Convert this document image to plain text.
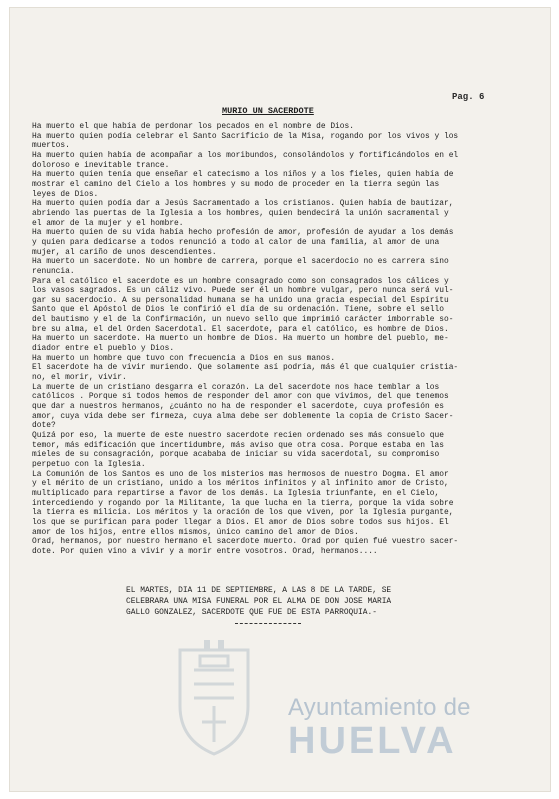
Pag. 6
MURIO UN SACERDOTE
Ha muerto el que había de perdonar los pecados en el nombre de Dios.
Ha muerto quien podía celebrar el Santo Sacrificio de la Misa, rogando por los vivos y los
muertos.
Ha muerto quien había de acompañar a los moribundos, consolándolos y fortificándolos en el
doloroso e inevitable trance.
Ha muerto quien tenía que enseñar el catecismo a los niños y a los fieles, quien había de
mostrar el camino del Cielo a los hombres y su modo de proceder en la tierra según las
leyes de Dios.
Ha muerto quien podía dar a Jesús Sacramentado a los cristianos. Quien había de bautizar,
abriendo las puertas de la Iglesia a los hombres, quien bendecirá la unión sacramental y
el amor de la mujer y el hombre.
Ha muerto quien de su vida había hecho profesión de amor, profesión de ayudar a los demás
y quien para dedicarse a todos renunció a todo al calor de una familia, al amor de una
mujer, al cariño de unos descendientes.
Ha muerto un sacerdote. No un hombre de carrera, porque el sacerdocio no es carrera sino
renuncia.
Para el católico el sacerdote es un hombre consagrado como son consagrados los cálices y
los vasos sagrados. Es un cáliz vivo. Puede ser él un hombre vulgar, pero nunca será vul-
gar su sacerdocio. A su personalidad humana se ha unido una gracia especial del Espíritu
Santo que el Apóstol de Dios le confirió el día de su ordenación. Tiene, sobre el sello
del bautismo y el de la Confirmación, un nuevo sello que imprimió carácter imborrable so-
bre su alma, el del Orden Sacerdotal. El sacerdote, para el católico, es hombre de Dios.
Ha muerto un sacerdote. Ha muerto un hombre de Dios. Ha muerto un hombre del pueblo, me-
diador entre el pueblo y Dios.
Ha muerto un hombre que tuvo con frecuencia a Dios en sus manos.
El sacerdote ha de vivir muriendo. Que solamente así podría, más él que cualquier cristia-
no, el morir, vivir.
La muerte de un cristiano desgarra el corazón. La del sacerdote nos hace temblar a los
católicos . Porque si todos hemos de responder del amor con que vivimos, del que tenemos
que dar a nuestros hermanos, ¿cuánto no ha de responder el sacerdote, cuya profesión es
amor, cuya vida debe ser firmeza, cuya alma debe ser doblemente la copia de Cristo Sacer-
dote?
Quizá por eso, la muerte de este nuestro sacerdote recien ordenado ses más consuelo que
temor, más edificación que incertidumbre, más aviso que otra cosa. Porque estaba en las
mieles de su consagración, porque acababa de iniciar su vida sacerdotal, su compromiso
perpetuo con la Iglesia.
La Comunión de los Santos es uno de los misterios mas hermosos de nuestro Dogma. El amor
y el mérito de un cristiano, unido a los méritos infinitos y al infinito amor de Cristo,
multiplicado para repartirse a favor de los demás. La Iglesia triunfante, en el Cielo,
intercediendo y rogando por la Militante, la que lucha en la tierra, porque la vida sobre
la tierra es milicia. Los méritos y la oración de los que viven, por la Iglesia purgante,
los que se purifican para poder llegar a Dios. El amor de Dios sobre todos sus hijos. El
amor de los hijos, entre ellos mismos, único camino del amor de Dios.
Orad, hermanos, por nuestro hermano el sacerdote muerto. Orad por quien fué vuestro sacer-
dote. Por quien vino a vivir y a morir entre vosotros. Orad, hermanos....
EL MARTES, DIA 11 DE SEPTIEMBRE, A LAS 8 DE LA TARDE, SE
CELEBRARA UNA MISA FUNERAL POR EL ALMA DE DON JOSE MARIA
GALLO GONZALEZ, SACERDOTE QUE FUE DE ESTA PARROQUIA.-
Ayuntamiento de
HUELVA
